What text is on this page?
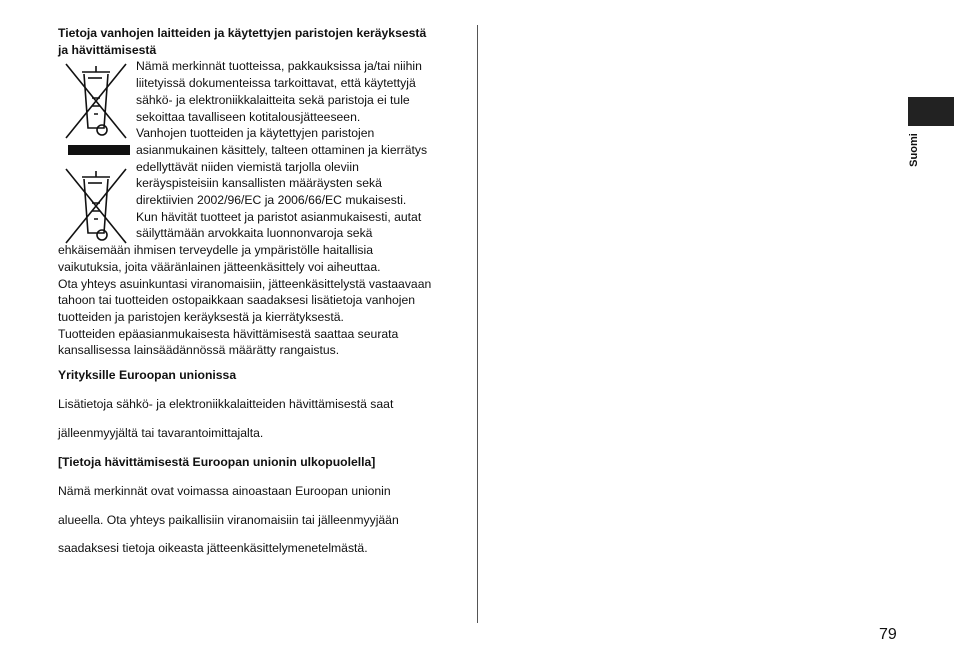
Tietoja vanhojen laitteiden ja käytettyjen paristojen keräyksestä
ja hävittämisestä

Nämä merkinnät tuotteissa, pakkauksissa ja/tai niihin

liitetyissä dokumenteissa tarkoittavat, että käytettyjä

sähkö- ja elektroniikkalaitteita sekä paristoja ei tule

sekoittaa tavalliseen kotitalousjätteeseen.

Vanhojen tuotteiden ja käytettyjen paristojen

asianmukainen käsittely, talteen ottaminen ja kierrätys

edellyttävät niiden viemistä tarjolla oleviin

keräyspisteisiin kansallisten määräysten sekä

direktiivien 2002/96/EC ja 2006/66/EC mukaisesti.

Kun hävität tuotteet ja paristot asianmukaisesti, autat

säilyttämään arvokkaita luonnonvaroja sekä

ehkäisemään ihmisen terveydelle ja ympäristölle haitallisia

vaikutuksia, joita vääränlainen jätteenkäsittely voi aiheuttaa.

Ota yhteys asuinkuntasi viranomaisiin, jätteenkäsittelystä vastaavaan

tahoon tai tuotteiden ostopaikkaan saadaksesi lisätietoja vanhojen

tuotteiden ja paristojen keräyksestä ja kierrätyksestä.

Tuotteiden epäasianmukaisesta hävittämisestä saattaa seurata

kansallisessa lainsäädännössä määrätty rangaistus.

Yrityksille Euroopan unionissa

Lisätietoja sähkö- ja elektroniikkalaitteiden hävittämisestä saat

jälleenmyyjältä tai tavarantoimittajalta.

[Tietoja hävittämisestä Euroopan unionin ulkopuolella]

Nämä merkinnät ovat voimassa ainoastaan Euroopan unionin

alueella. Ota yhteys paikallisiin viranomaisiin tai jälleenmyyjään

saadaksesi tietoja oikeasta jätteenkäsittelymenetelmästä.

Suomi
79
